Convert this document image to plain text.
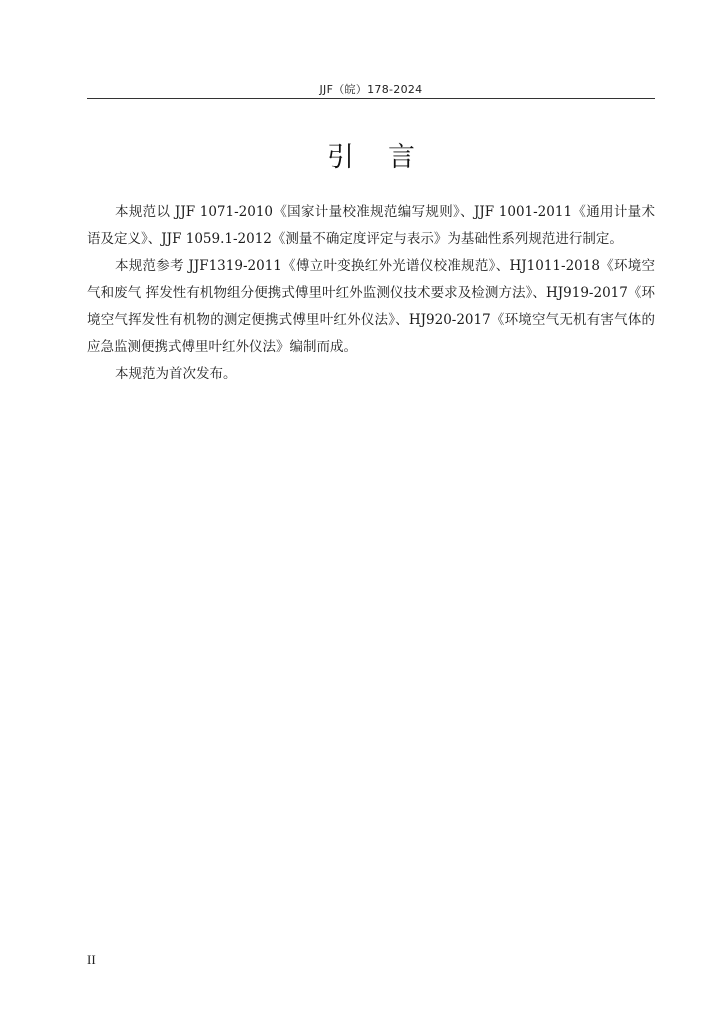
JJF（皖）178-2024
引言

本规范以 JJF 1071-2010《国家计量校准规范编写规则》、JJF 1001-2011《通用计量术语及定义》、JJF 1059.1-2012《测量不确定度评定与表示》为基础性系列规范进行制定。

本规范参考 JJF1319-2011《傅立叶变换红外光谱仪校准规范》、HJ1011-2018《环境空气和废气 挥发性有机物组分便携式傅里叶红外监测仪技术要求及检测方法》、HJ919-2017《环境空气挥发性有机物的测定便携式傅里叶红外仪法》、HJ920-2017《环境空气无机有害气体的应急监测便携式傅里叶红外仪法》编制而成。

本规范为首次发布。

II
